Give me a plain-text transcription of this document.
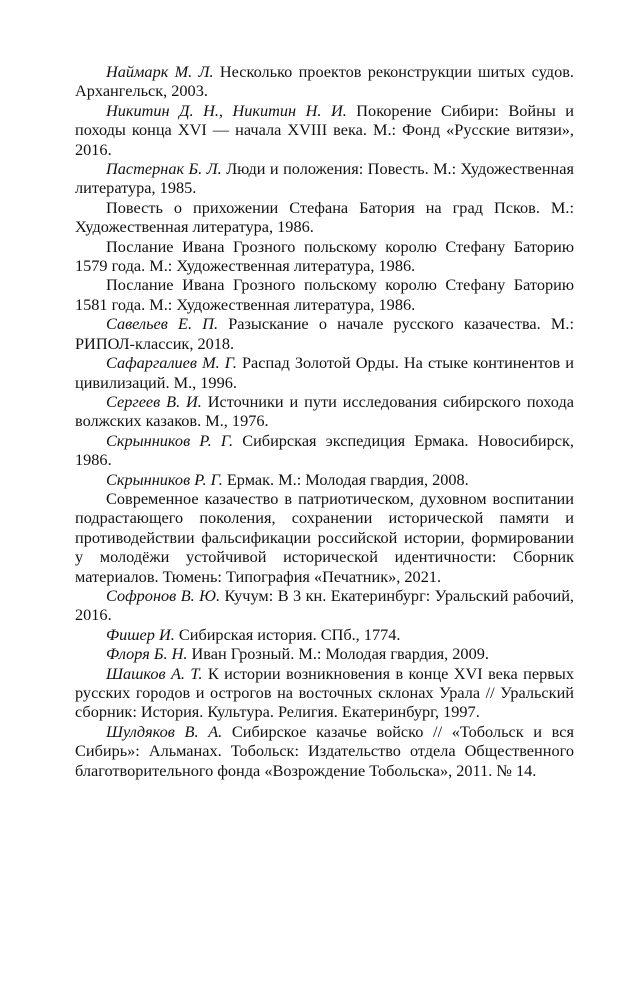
Наймарк М. Л. Несколько проектов реконструкции шитых судов. Архангельск, 2003.

Никитин Д. Н., Никитин Н. И. Покорение Сибири: Войны и походы конца XVI — начала XVIII века. М.: Фонд «Русские витязи», 2016.

Пастернак Б. Л. Люди и положения: Повесть. М.: Художественная литература, 1985.

Повесть о прихожении Стефана Батория на град Псков. М.: Художественная литература, 1986.

Послание Ивана Грозного польскому королю Стефану Баторию 1579 года. М.: Художественная литература, 1986.

Послание Ивана Грозного польскому королю Стефану Баторию 1581 года. М.: Художественная литература, 1986.

Савельев Е. П. Разыскание о начале русского казачества. М.: РИПОЛ-классик, 2018.

Сафаргалиев М. Г. Распад Золотой Орды. На стыке континентов и цивилизаций. М., 1996.

Сергеев В. И. Источники и пути исследования сибирского похода волжских казаков. М., 1976.

Скрынников Р. Г. Сибирская экспедиция Ермака. Новосибирск, 1986.

Скрынников Р. Г. Ермак. М.: Молодая гвардия, 2008.

Современное казачество в патриотическом, духовном воспитании подрастающего поколения, сохранении исторической памяти и противодействии фальсификации российской истории, формировании у молодёжи устойчивой исторической идентичности: Сборник материалов. Тюмень: Типография «Печатник», 2021.

Софронов В. Ю. Кучум: В 3 кн. Екатеринбург: Уральский рабочий, 2016.

Фишер И. Сибирская история. СПб., 1774.

Флоря Б. Н. Иван Грозный. М.: Молодая гвардия, 2009.

Шашков А. Т. К истории возникновения в конце XVI века первых русских городов и острогов на восточных склонах Урала // Уральский сборник: История. Культура. Религия. Екатеринбург, 1997.

Шулдяков В. А. Сибирское казачье войско // «Тобольск и вся Сибирь»: Альманах. Тобольск: Издательство отдела Общественного благотворительного фонда «Возрождение Тобольска», 2011. № 14.
